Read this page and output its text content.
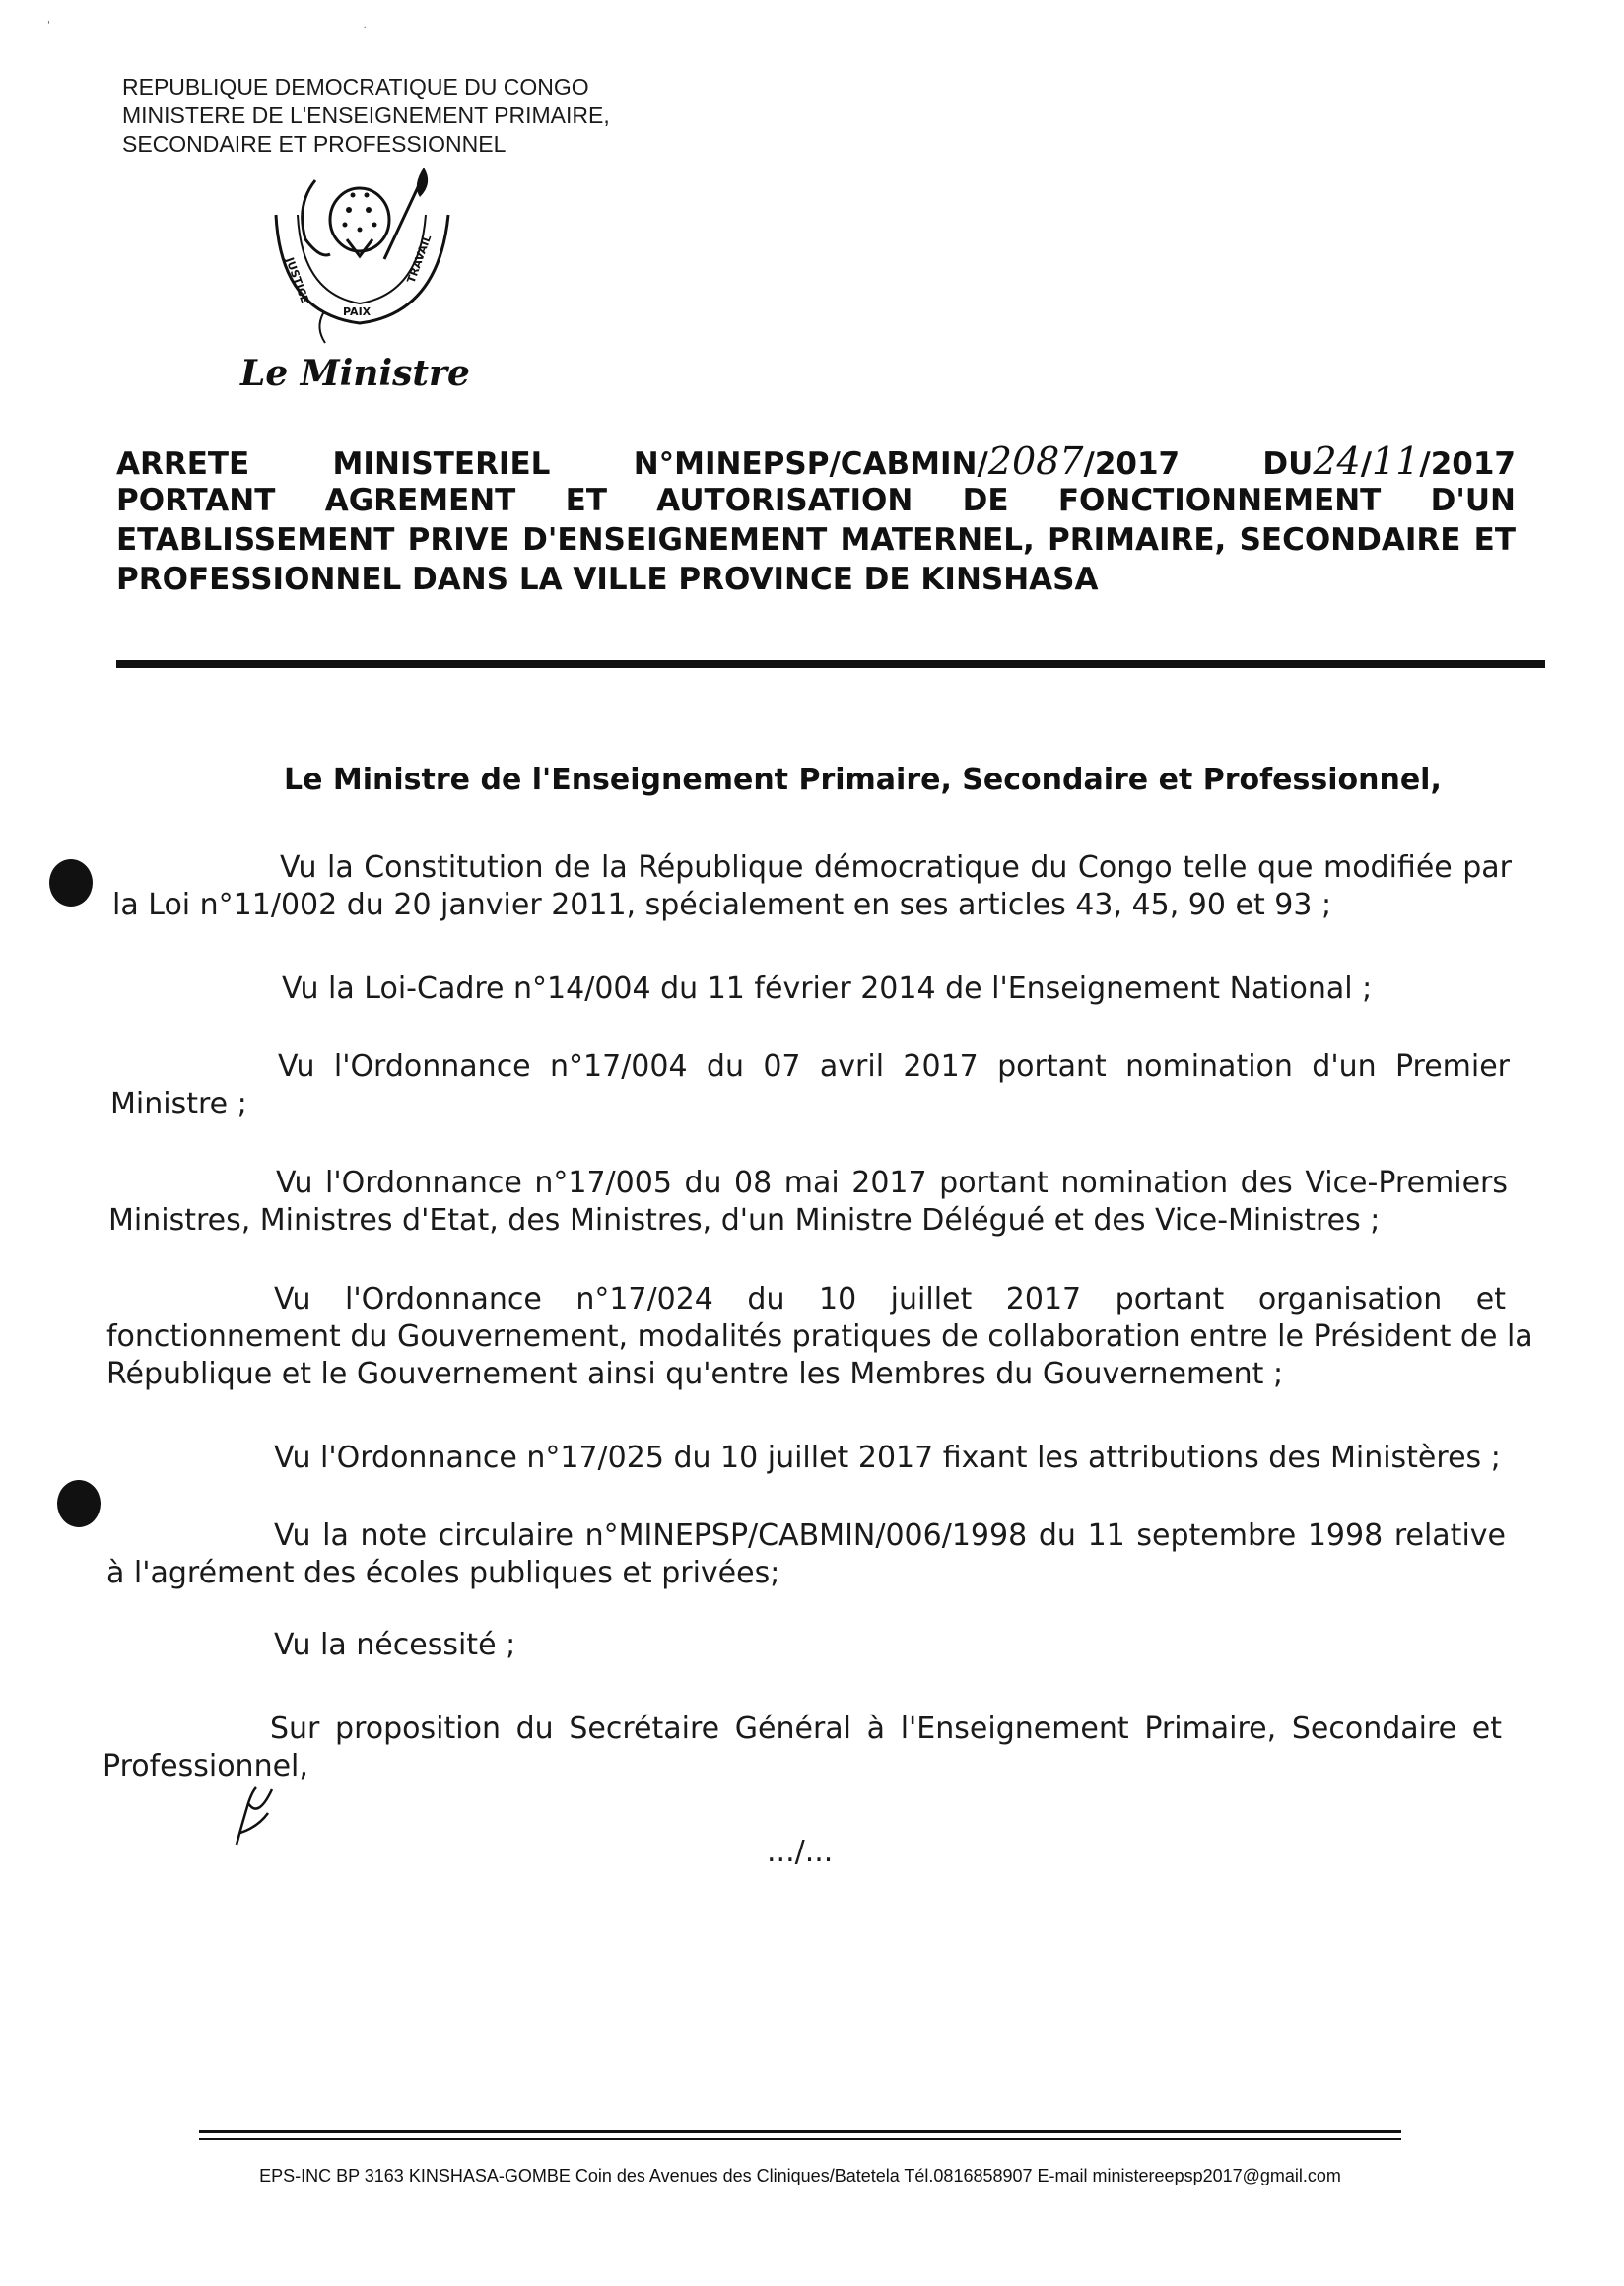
'                                                                                                    .
REPUBLIQUE DEMOCRATIQUE DU CONGO
MINISTERE DE L'ENSEIGNEMENT PRIMAIRE,
SECONDAIRE ET PROFESSIONNEL
JUSTICE
PAIX
TRAVAIL
Le Ministre
ARRETE MINISTERIEL N°MINEPSP/CABMIN/2087/2017 DU24/11/2017
PORTANT AGREMENT ET AUTORISATION DE FONCTIONNEMENT D'UN
ETABLISSEMENT PRIVE D'ENSEIGNEMENT MATERNEL, PRIMAIRE, SECONDAIRE ET
PROFESSIONNEL DANS LA VILLE PROVINCE DE KINSHASA
Le Ministre de l'Enseignement Primaire, Secondaire et Professionnel,
Vu la Constitution de la République démocratique du Congo telle que modifiée par
la Loi n°11/002 du 20 janvier 2011, spécialement en ses articles 43, 45, 90 et 93 ;
Vu la Loi-Cadre n°14/004 du 11 février 2014 de l'Enseignement National ;
Vu l'Ordonnance n°17/004 du 07 avril 2017 portant nomination d'un Premier
Ministre ;
Vu l'Ordonnance n°17/005 du 08 mai 2017 portant nomination des Vice-Premiers
Ministres, Ministres d'Etat, des Ministres, d'un Ministre Délégué et des Vice-Ministres ;
Vu l'Ordonnance n°17/024 du 10 juillet 2017 portant organisation et
fonctionnement du Gouvernement, modalités pratiques de collaboration entre le Président de la
République et le Gouvernement ainsi qu'entre les Membres du Gouvernement ;
Vu l'Ordonnance n°17/025 du 10 juillet 2017 fixant les attributions des Ministères ;
Vu la note circulaire n°MINEPSP/CABMIN/006/1998 du 11 septembre 1998 relative
à l'agrément des écoles publiques et privées;
Vu la nécessité ;
Sur proposition du Secrétaire Général à l'Enseignement Primaire, Secondaire et
Professionnel,
.../...
EPS-INC BP 3163 KINSHASA-GOMBE Coin des Avenues des Cliniques/Batetela Tél.0816858907 E-mail ministereepsp2017@gmail.com
